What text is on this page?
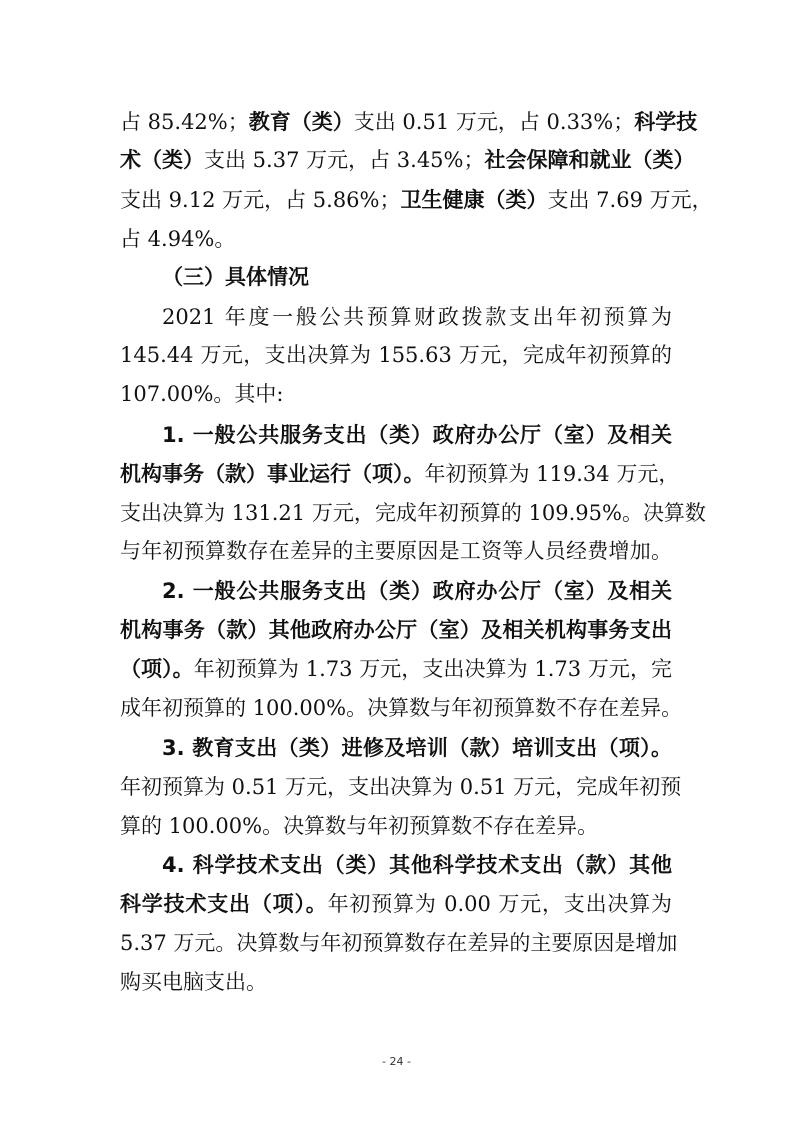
占 85.42%；教育（类）支出 0.51 万元，占 0.33%；科学技
术（类）支出 5.37 万元，占 3.45%；社会保障和就业（类）
支出 9.12 万元，占 5.86%；卫生健康（类）支出 7.69 万元，
占 4.94%。
（三）具体情况
2021 年度一般公共预算财政拨款支出年初预算为
145.44 万元，支出决算为 155.63 万元，完成年初预算的
107.00%。其中:
1. 一般公共服务支出（类）政府办公厅（室）及相关
机构事务（款）事业运行（项）。年初预算为 119.34 万元，
支出决算为 131.21 万元，完成年初预算的 109.95%。决算数
与年初预算数存在差异的主要原因是工资等人员经费增加。
2. 一般公共服务支出（类）政府办公厅（室）及相关
机构事务（款）其他政府办公厅（室）及相关机构事务支出
（项）。年初预算为 1.73 万元，支出决算为 1.73 万元，完
成年初预算的 100.00%。决算数与年初预算数不存在差异。
3. 教育支出（类）进修及培训（款）培训支出（项）。
年初预算为 0.51 万元，支出决算为 0.51 万元，完成年初预
算的 100.00%。决算数与年初预算数不存在差异。
4. 科学技术支出（类）其他科学技术支出（款）其他
科学技术支出（项）。年初预算为 0.00 万元，支出决算为
5.37 万元。决算数与年初预算数存在差异的主要原因是增加
购买电脑支出。
- 24 -
